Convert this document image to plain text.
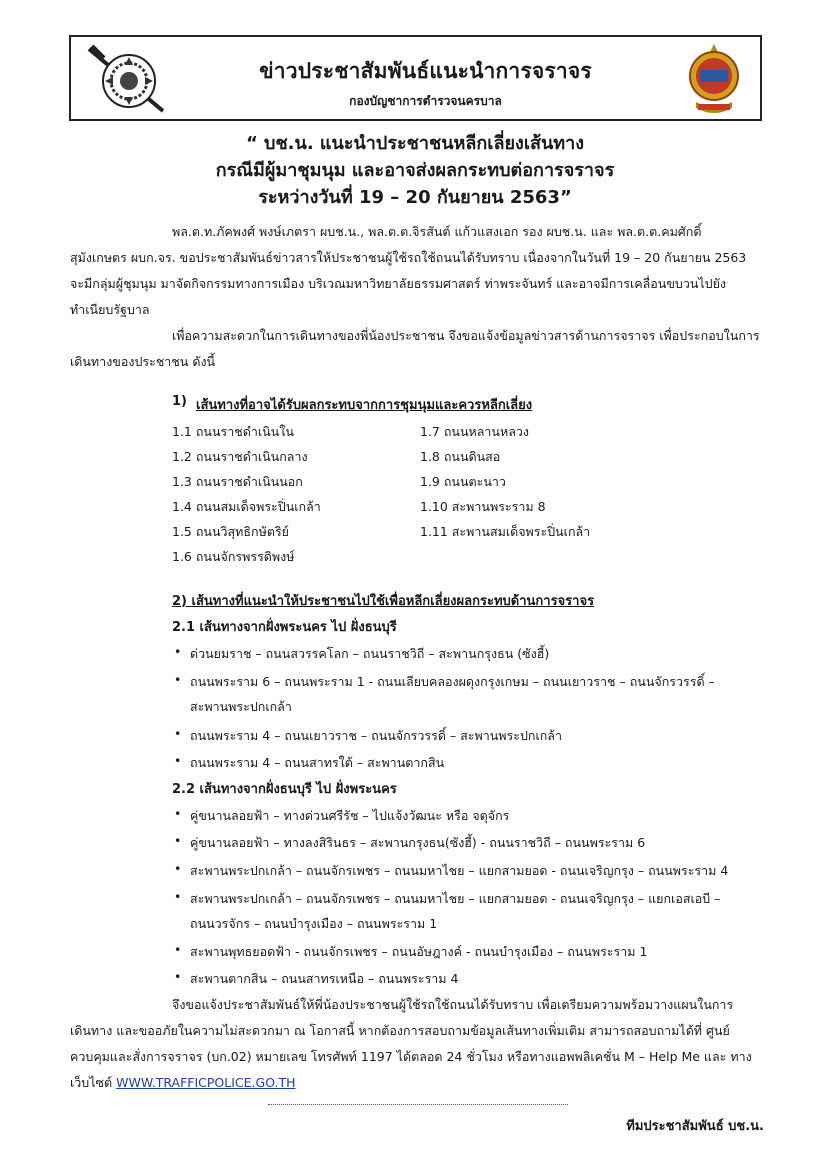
ข่าวประชาสัมพันธ์แนะนำการจราจร
กองบัญชาการตำรวจนครบาล
“ บช.น. แนะนำประชาชนหลีกเลี่ยงเส้นทาง
กรณีมีผู้มาชุมนุม และอาจส่งผลกระทบต่อการจราจร
ระหว่างวันที่ 19 – 20 กันยายน 2563”
พล.ต.ท.ภัคพงศ์ พงษ์เภตรา ผบช.น., พล.ต.ต.จิรสันต์ แก้วแสงเอก รอง ผบช.น. และ พล.ต.ต.คมศักดิ์
สุมังเกษตร ผบก.จร. ขอประชาสัมพันธ์ข่าวสารให้ประชาชนผู้ใช้รถใช้ถนนได้รับทราบ เนื่องจากในวันที่ 19 – 20 กันยายน 2563
จะมีกลุ่มผู้ชุมนุม มาจัดกิจกรรมทางการเมือง บริเวณมหาวิทยาลัยธรรมศาสตร์ ท่าพระจันทร์ และอาจมีการเคลื่อนขบวนไปยัง
ทำเนียบรัฐบาล
เพื่อความสะดวกในการเดินทางของพี่น้องประชาชน จึงขอแจ้งข้อมูลข่าวสารด้านการจราจร เพื่อประกอบในการ
เดินทางของประชาชน ดังนี้
1) เส้นทางที่อาจได้รับผลกระทบจากการชุมนุมและควรหลีกเลี่ยง
1.1 ถนนราชดำเนินใน
1.2 ถนนราชดำเนินกลาง
1.3 ถนนราชดำเนินนอก
1.4 ถนนสมเด็จพระปิ่นเกล้า
1.5 ถนนวิสุทธิกษัตริย์
1.6 ถนนจักรพรรดิพงษ์
1.7 ถนนหลานหลวง
1.8 ถนนดินสอ
1.9 ถนนตะนาว
1.10 สะพานพระราม 8
1.11 สะพานสมเด็จพระปิ่นเกล้า
2) เส้นทางที่แนะนำให้ประชาชนไปใช้เพื่อหลีกเลี่ยงผลกระทบด้านการจราจร
2.1 เส้นทางจากฝั่งพระนคร ไป ฝั่งธนบุรี
• ด่วนยมราช – ถนนสวรรคโลก – ถนนราชวิถี – สะพานกรุงธน (ซังฮี้)
• ถนนพระราม 6 – ถนนพระราม 1 - ถนนเลียบคลองผดุงกรุงเกษม – ถนนเยาวราช – ถนนจักรวรรดิ์ –
สะพานพระปกเกล้า
• ถนนพระราม 4 – ถนนเยาวราช – ถนนจักรวรรดิ์ – สะพานพระปกเกล้า
• ถนนพระราม 4 – ถนนสาทรใต้ – สะพานตากสิน
2.2 เส้นทางจากฝั่งธนบุรี ไป ฝั่งพระนคร
• คู่ขนานลอยฟ้า – ทางด่วนศรีรัช – ไปแจ้งวัฒนะ หรือ จตุจักร
• คู่ขนานลอยฟ้า – ทางลงสิรินธร – สะพานกรุงธน(ซังฮี้) - ถนนราชวิถี – ถนนพระราม 6
• สะพานพระปกเกล้า – ถนนจักรเพชร – ถนนมหาไชย – แยกสามยอด - ถนนเจริญกรุง – ถนนพระราม 4
• สะพานพระปกเกล้า – ถนนจักรเพชร – ถนนมหาไชย – แยกสามยอด - ถนนเจริญกรุง – แยกเอสเอบี –
ถนนวรจักร – ถนนบำรุงเมือง – ถนนพระราม 1
• สะพานพุทธยอดฟ้า - ถนนจักรเพชร – ถนนอัษฎางค์ - ถนนบำรุงเมือง – ถนนพระราม 1
• สะพานตากสิน – ถนนสาทรเหนือ – ถนนพระราม 4
จึงขอแจ้งประชาสัมพันธ์ให้พี่น้องประชาชนผู้ใช้รถใช้ถนนได้รับทราบ เพื่อเตรียมความพร้อมวางแผนในการ
เดินทาง และขออภัยในความไม่สะดวกมา ณ โอกาสนี้ หากต้องการสอบถามข้อมูลเส้นทางเพิ่มเติม สามารถสอบถามได้ที่ ศูนย์
ควบคุมและสั่งการจราจร (บก.02) หมายเลข โทรศัพท์ 1197 ได้ตลอด 24 ชั่วโมง หรือทางแอพพลิเคชั่น M – Help Me และ ทาง
เว็บไซต์ WWW.TRAFFICPOLICE.GO.TH
ทีมประชาสัมพันธ์ บช.น.
